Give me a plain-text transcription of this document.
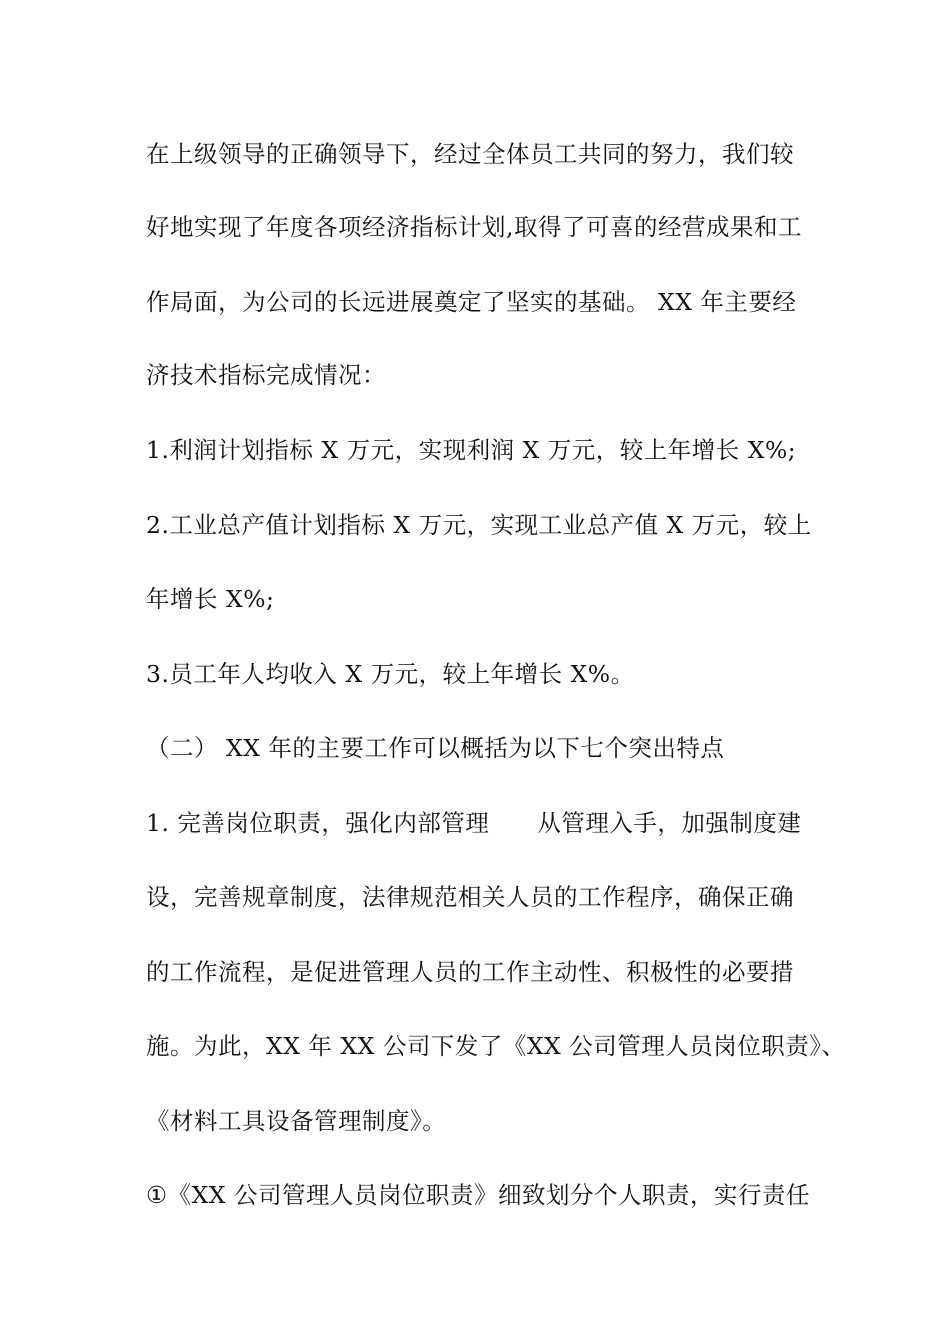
在上级领导的正确领导下，经过全体员工共同的努力，我们较
好地实现了年度各项经济指标计划,取得了可喜的经营成果和工
作局面，为公司的长远进展奠定了坚实的基础。 XX 年主要经
济技术指标完成情况：
1.利润计划指标 X 万元，实现利润 X 万元，较上年增长 X%;
2.工业总产值计划指标 X 万元，实现工业总产值 X 万元，较上
年增长 X%;
3.员工年人均收入 X 万元，较上年增长 X%。
（二） XX 年的主要工作可以概括为以下七个突出特点
1. 完善岗位职责，强化内部管理　　从管理入手，加强制度建
设，完善规章制度，法律规范相关人员的工作程序，确保正确
的工作流程，是促进管理人员的工作主动性、积极性的必要措
施。为此，XX 年 XX 公司下发了《XX 公司管理人员岗位职责》、
《材料工具设备管理制度》。
①《XX 公司管理人员岗位职责》细致划分个人职责，实行责任
